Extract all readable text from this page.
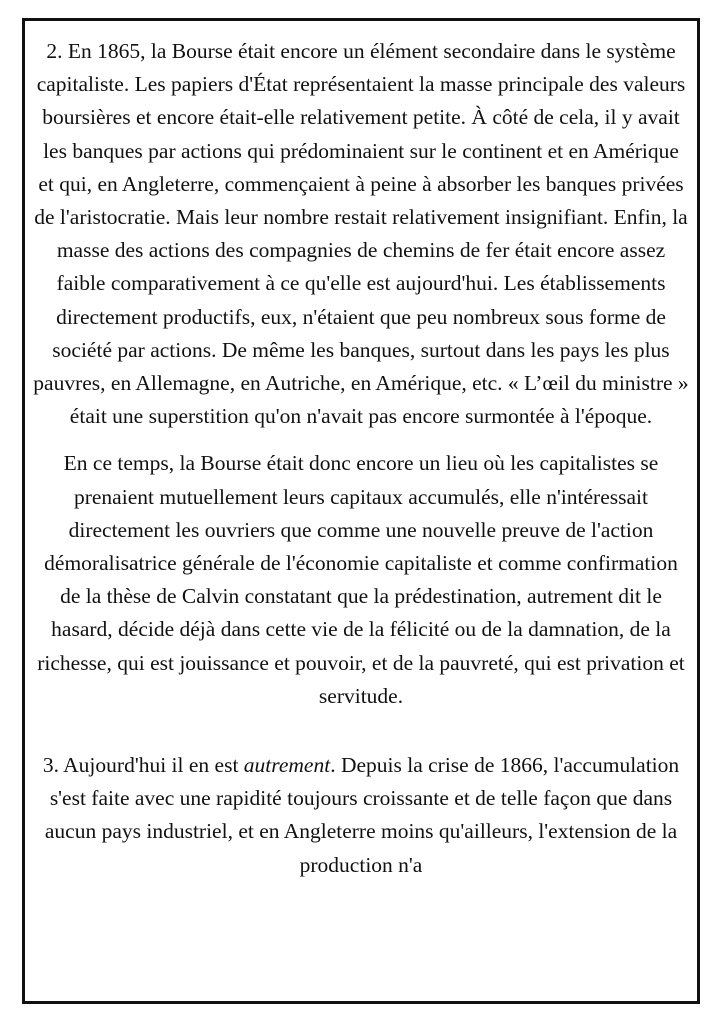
2. En 1865, la Bourse était encore un élément secondaire dans le système capitaliste. Les papiers d'État représentaient la masse principale des valeurs boursières et encore était-elle relativement petite. À côté de cela, il y avait les banques par actions qui prédominaient sur le continent et en Amérique et qui, en Angleterre, commençaient à peine à absorber les banques privées de l'aristocratie. Mais leur nombre restait relativement insignifiant. Enfin, la masse des actions des compagnies de chemins de fer était encore assez faible comparativement à ce qu'elle est aujourd'hui. Les établissements directement productifs, eux, n'étaient que peu nombreux sous forme de société par actions. De même les banques, surtout dans les pays les plus pauvres, en Allemagne, en Autriche, en Amérique, etc. « L’œil du ministre » était une superstition qu'on n'avait pas encore surmontée à l'époque.

En ce temps, la Bourse était donc encore un lieu où les capitalistes se prenaient mutuellement leurs capitaux accumulés, elle n'intéressait directement les ouvriers que comme une nouvelle preuve de l'action démoralisatrice générale de l'économie capitaliste et comme confirmation de la thèse de Calvin constatant que la prédestination, autrement dit le hasard, décide déjà dans cette vie de la félicité ou de la damnation, de la richesse, qui est jouissance et pouvoir, et de la pauvreté, qui est privation et servitude.

3. Aujourd'hui il en est autrement. Depuis la crise de 1866, l'accumulation s'est faite avec une rapidité toujours croissante et de telle façon que dans aucun pays industriel, et en Angleterre moins qu'ailleurs, l'extension de la production n'a
